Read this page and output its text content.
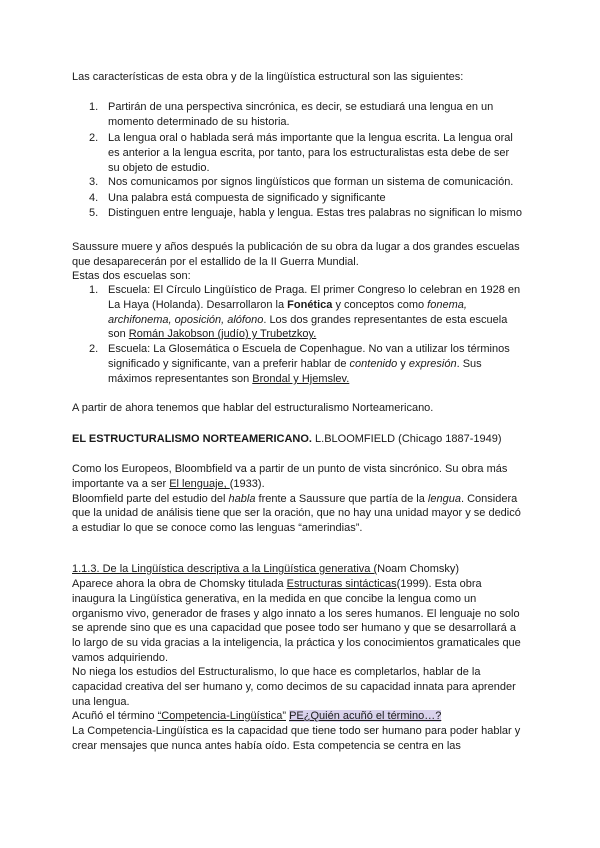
Las características de esta obra y de la lingüística estructural son las siguientes:
1. Partirán de una perspectiva sincrónica, es decir, se estudiará una lengua en un
momento determinado de su historia.
2. La lengua oral o hablada será más importante que la lengua escrita. La lengua oral
es anterior a la lengua escrita, por tanto, para los estructuralistas esta debe de ser
su objeto de estudio.
3. Nos comunicamos por signos lingüísticos que forman un sistema de comunicación.
4. Una palabra está compuesta de significado y significante
5. Distinguen entre lenguaje, habla y lengua. Estas tres palabras no significan lo mismo
Saussure muere y años después la publicación de su obra da lugar a dos grandes escuelas
que desaparecerán por el estallido de la II Guerra Mundial.
Estas dos escuelas son:
1. Escuela: El Círculo Lingüístico de Praga. El primer Congreso lo celebran en 1928 en
La Haya (Holanda). Desarrollaron la Fonética y conceptos como fonema,
archifonema, oposición, alófono. Los dos grandes representantes de esta escuela
son Román Jakobson (judío) y Trubetzkoy.
2. Escuela: La Glosemática o Escuela de Copenhague. No van a utilizar los términos
significado y significante, van a preferir hablar de contenido y expresión. Sus
máximos representantes son Brondal y Hjemslev.
A partir de ahora tenemos que hablar del estructuralismo Norteamericano.
EL ESTRUCTURALISMO NORTEAMERICANO. L.BLOOMFIELD (Chicago 1887-1949)
Como los Europeos, Bloombfield va a partir de un punto de vista sincrónico. Su obra más
importante va a ser El lenguaje, (1933).
Bloomfield parte del estudio del habla frente a Saussure que partía de la lengua. Considera
que la unidad de análisis tiene que ser la oración, que no hay una unidad mayor y se dedicó
a estudiar lo que se conoce como las lenguas “amerindias”.
1.1.3. De la Lingüística descriptiva a la Lingüística generativa (Noam Chomsky)
Aparece ahora la obra de Chomsky titulada Estructuras sintácticas(1999). Esta obra
inaugura la Lingüística generativa, en la medida en que concibe la lengua como un
organismo vivo, generador de frases y algo innato a los seres humanos. El lenguaje no solo
se aprende sino que es una capacidad que posee todo ser humano y que se desarrollará a
lo largo de su vida gracias a la inteligencia, la práctica y los conocimientos gramaticales que
vamos adquiriendo.
No niega los estudios del Estructuralismo, lo que hace es completarlos, hablar de la
capacidad creativa del ser humano y, como decimos de su capacidad innata para aprender
una lengua.
Acuñó el término “Competencia-Lingüística” PE¿Quién acuñó el término…?
La Competencia-Lingüística es la capacidad que tiene todo ser humano para poder hablar y
crear mensajes que nunca antes había oído. Esta competencia se centra en las
